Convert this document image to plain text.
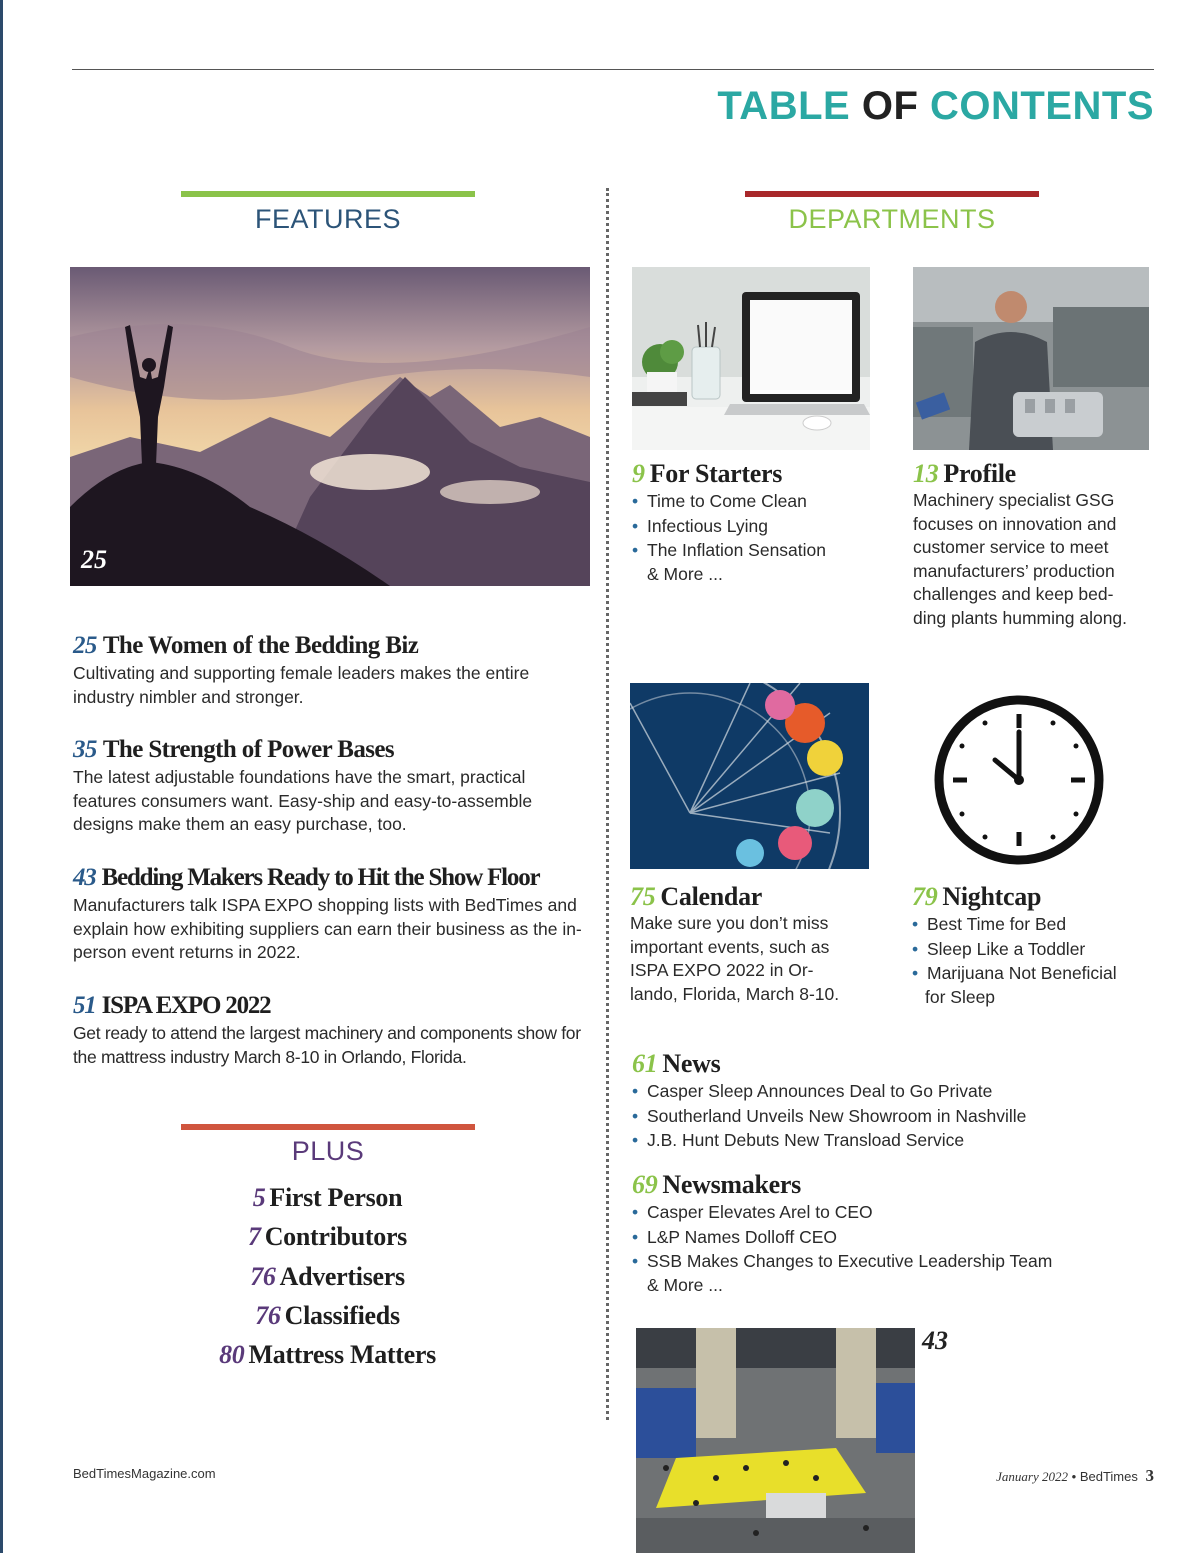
TABLE OF CONTENTS
FEATURES
25
25 The Women of the Bedding Biz
Cultivating and supporting female leaders makes the entire industry nimbler and stronger.
35 The Strength of Power Bases
The latest adjustable foundations have the smart, practical features consumers want. Easy-ship and easy-to-assemble designs make them an easy purchase, too.
43 Bedding Makers Ready to Hit the Show Floor
Manufacturers talk ISPA EXPO shopping lists with BedTimes and explain how exhibiting suppliers can earn their business as the in-person event returns in 2022.
51 ISPA EXPO 2022
Get ready to attend the largest machinery and components show for the mattress industry March 8-10 in Orlando, Florida.
PLUS
5 First Person
7 Contributors
76 Advertisers
76 Classifieds
80 Mattress Matters
DEPARTMENTS
9 For Starters
• Time to Come Clean
• Infectious Lying
• The Inflation Sensation
& More ...
13 Profile
Machinery specialist GSG
focuses on innovation and
customer service to meet
manufacturers’ production
challenges and keep bed-
ding plants humming along.
75 Calendar
Make sure you don’t miss
important events, such as
ISPA EXPO 2022 in Or-
lando, Florida, March 8-10.
79 Nightcap
• Best Time for Bed
• Sleep Like a Toddler
• Marijuana Not Beneficial
for Sleep
61 News
• Casper Sleep Announces Deal to Go Private
• Southerland Unveils New Showroom in Nashville
• J.B. Hunt Debuts New Transload Service
69 Newsmakers
• Casper Elevates Arel to CEO
• L&P Names Dolloff CEO
• SSB Makes Changes to Executive Leadership Team
& More ...
43
BedTimesMagazine.com	January 2022 • BedTimes 3
